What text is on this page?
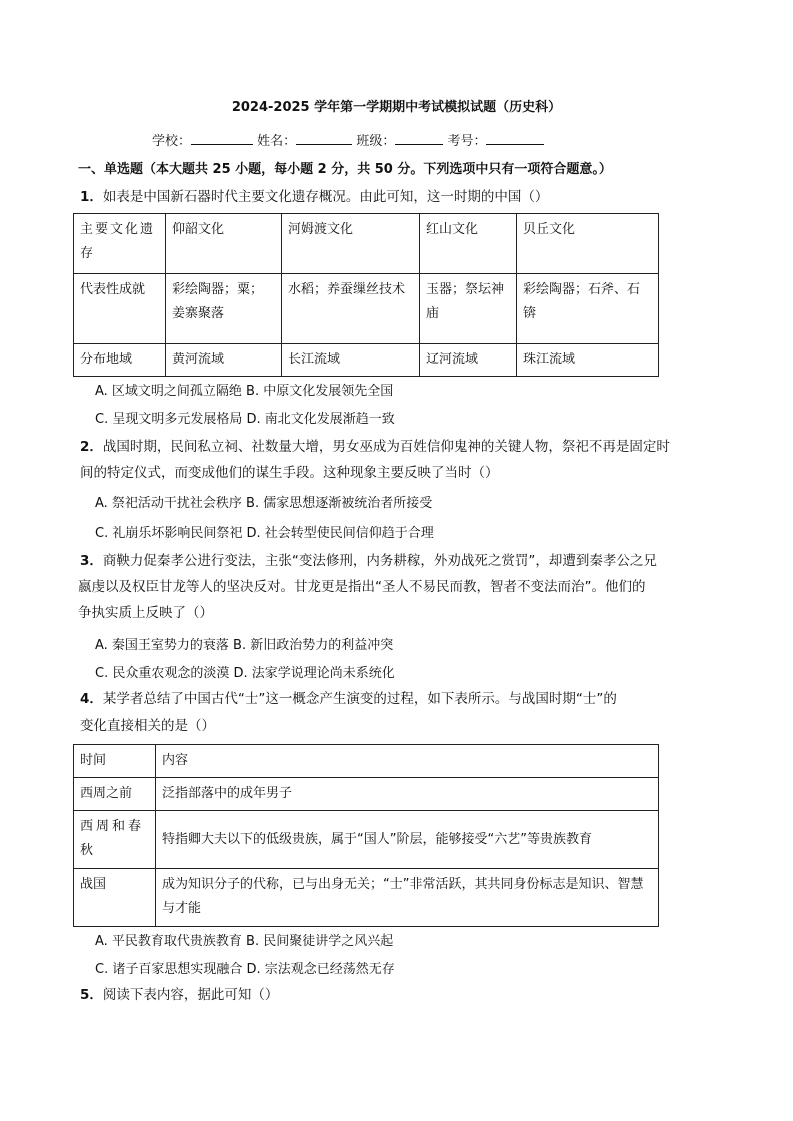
2024-2025 学年第一学期期中考试模拟试题（历史科）
学校：	姓名：	班级：	考号：
一、单选题（本大题共 25 小题，每小题 2 分，共 50 分。下列选项中只有一项符合题意。）
1．如表是中国新石器时代主要文化遗存概况。由此可知，这一时期的中国（）
主要文化遗存	仰韶文化	河姆渡文化	红山文化	贝丘文化
代表性成就	彩绘陶器；粟；姜寨聚落	水稻；养蚕缫丝技术	玉器；祭坛神庙	彩绘陶器；石斧、石锛
分布地域	黄河流域	长江流域	辽河流域	珠江流域
A. 区域文明之间孤立隔绝 B. 中原文化发展领先全国
C. 呈现文明多元发展格局 D. 南北文化发展渐趋一致
2．战国时期，民间私立祠、社数量大增，男女巫成为百姓信仰鬼神的关键人物，祭祀不再是固定时
间的特定仪式，而变成他们的谋生手段。这种现象主要反映了当时（）
A. 祭祀活动干扰社会秩序 B. 儒家思想逐渐被统治者所接受
C. 礼崩乐坏影响民间祭祀 D. 社会转型使民间信仰趋于合理
3．商鞅力促秦孝公进行变法，主张“变法修刑，内务耕稼，外劝战死之赏罚”，却遭到秦孝公之兄
嬴虔以及权臣甘龙等人的坚决反对。甘龙更是指出“圣人不易民而教，智者不变法而治”。他们的
争执实质上反映了（）
A. 秦国王室势力的衰落 B. 新旧政治势力的利益冲突
C. 民众重农观念的淡漠 D. 法家学说理论尚未系统化
4．某学者总结了中国古代“士”这一概念产生演变的过程，如下表所示。与战国时期“士”的
变化直接相关的是（）
时间	内容
西周之前	泛指部落中的成年男子
西周和春秋	特指卿大夫以下的低级贵族，属于“国人”阶层，能够接受“六艺”等贵族教育
战国	成为知识分子的代称，已与出身无关；“士”非常活跃，其共同身份标志是知识、智慧与才能
A. 平民教育取代贵族教育 B. 民间聚徒讲学之风兴起
C. 诸子百家思想实现融合 D. 宗法观念已经荡然无存
5．阅读下表内容，据此可知（）
